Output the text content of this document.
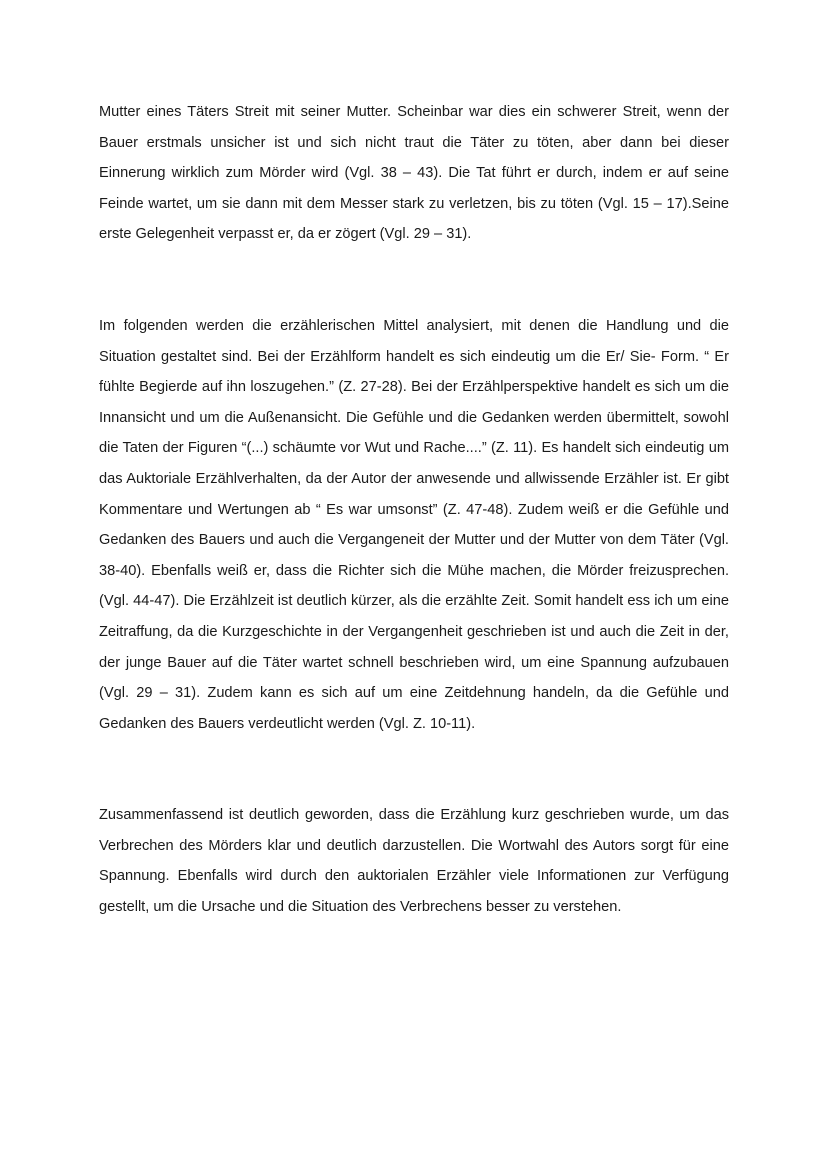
Mutter eines Täters Streit mit seiner Mutter. Scheinbar war dies ein schwerer Streit, wenn der Bauer erstmals unsicher ist und sich nicht traut die Täter zu töten, aber dann bei dieser Einnerung wirklich zum Mörder wird (Vgl. 38 – 43). Die Tat führt er durch, indem er auf seine Feinde wartet, um sie dann mit dem Messer stark zu verletzen, bis zu töten (Vgl. 15 – 17).Seine erste Gelegenheit verpasst er, da er zögert (Vgl. 29 – 31).

Im folgenden werden die erzählerischen Mittel analysiert, mit denen die Handlung und die Situation gestaltet sind. Bei der Erzählform handelt es sich eindeutig um die Er/ Sie- Form. “ Er fühlte Begierde auf ihn loszugehen.” (Z. 27-28). Bei der Erzählperspektive handelt es sich um die Innansicht und um die Außenansicht. Die Gefühle und die Gedanken werden übermittelt, sowohl die Taten der Figuren “(...) schäumte vor Wut und Rache....” (Z. 11). Es handelt sich eindeutig um das Auktoriale Erzählverhalten, da der Autor der anwesende und allwissende Erzähler ist. Er gibt Kommentare und Wertungen ab “ Es war umsonst” (Z. 47-48). Zudem weiß er die Gefühle und Gedanken des Bauers und auch die Vergangeneit der Mutter und der Mutter von dem Täter (Vgl. 38-40). Ebenfalls weiß er, dass die Richter sich die Mühe machen, die Mörder freizusprechen. (Vgl. 44-47). Die Erzählzeit ist deutlich kürzer, als die erzählte Zeit. Somit handelt ess ich um eine Zeitraffung, da die Kurzgeschichte in der Vergangenheit geschrieben ist und auch die Zeit in der, der junge Bauer auf die Täter wartet schnell beschrieben wird, um eine Spannung aufzubauen (Vgl. 29 – 31). Zudem kann es sich auf um eine Zeitdehnung handeln, da die Gefühle und Gedanken des Bauers verdeutlicht werden (Vgl. Z. 10-11).

Zusammenfassend ist deutlich geworden, dass die Erzählung kurz geschrieben wurde, um das Verbrechen des Mörders klar und deutlich darzustellen. Die Wortwahl des Autors sorgt für eine Spannung. Ebenfalls wird durch den auktorialen Erzähler viele Informationen zur Verfügung gestellt, um die Ursache und die Situation des Verbrechens besser zu verstehen.
